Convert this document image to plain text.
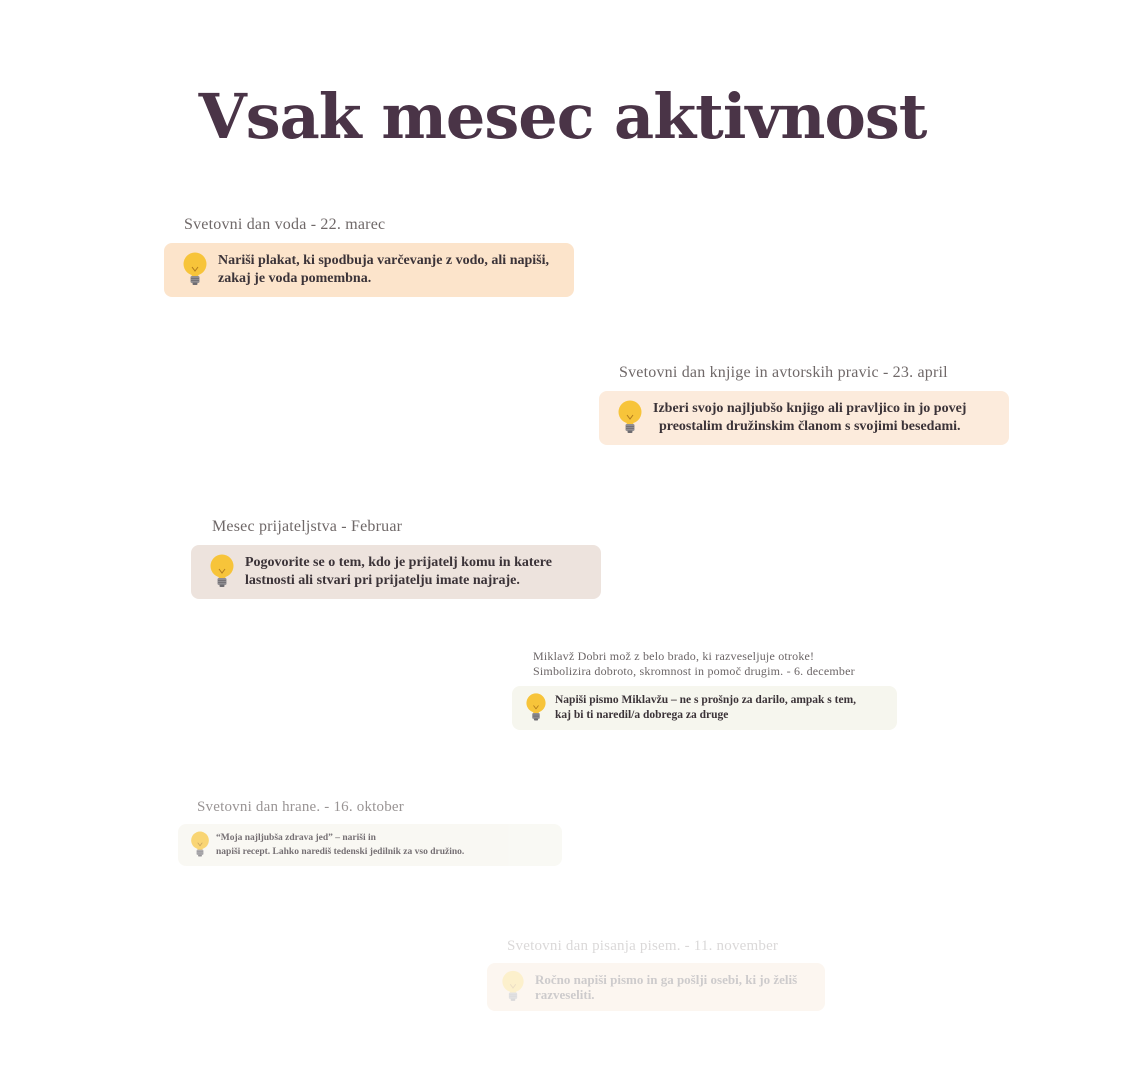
Vsak mesec aktivnost
Svetovni dan voda - 22. marec
Nariši plakat, ki spodbuja varčevanje z vodo, ali napiši,
zakaj je voda pomembna.
Svetovni dan knjige in avtorskih pravic - 23. april
Izberi svojo najljubšo knjigo ali pravljico in jo povej
preostalim družinskim članom s svojimi besedami.
Mesec prijateljstva - Februar
Pogovorite se o tem, kdo je prijatelj komu in katere
lastnosti ali stvari pri prijatelju imate najraje.
Miklavž Dobri mož z belo brado, ki razveseljuje otroke!
Simbolizira dobroto, skromnost in pomoč drugim. - 6. december
Napiši pismo Miklavžu – ne s prošnjo za darilo, ampak s tem,
kaj bi ti naredil/a dobrega za druge
Svetovni dan hrane. - 16. oktober
“Moja najljubša zdrava jed” – nariši in
napiši recept. Lahko narediš tedenski jedilnik za vso družino.
Svetovni dan pisanja pisem. - 11. november
Ročno napiši pismo in ga pošlji osebi, ki jo želiš
razveseliti.
